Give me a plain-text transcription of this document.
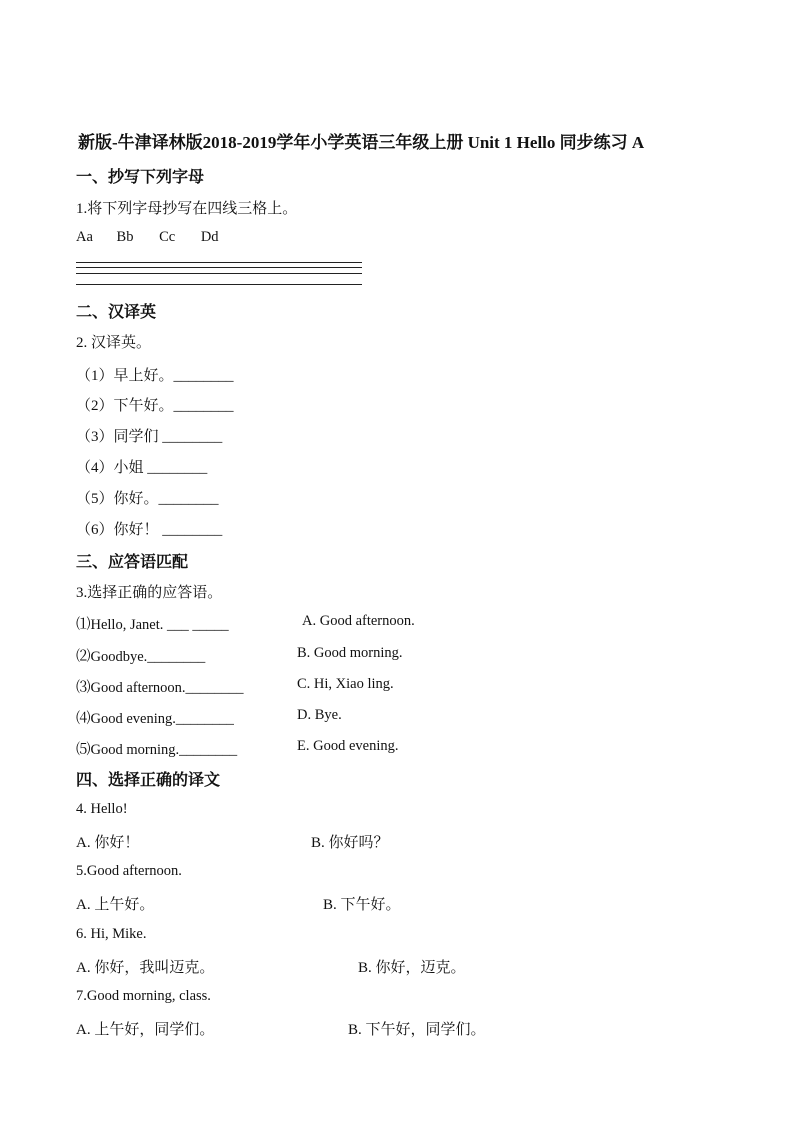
新版-牛津译林版2018-2019学年小学英语三年级上册 Unit 1 Hello 同步练习 A
一、抄写下列字母
1.将下列字母抄写在四线三格上。
Aa Bb Cc Dd
二、汉译英
2. 汉译英。
（1）早上好。________
（2）下午好。________
（3）同学们 ________
（4）小姐 ________
（5）你好。________
（6）你好！ ________
三、应答语匹配
3.选择正确的应答语。
⑴Hello, Janet. ___ _____	A. Good afternoon.
⑵Goodbye.________	B. Good morning.
⑶Good afternoon.________	C. Hi, Xiao ling.
⑷Good evening.________	D. Bye.
⑸Good morning.________	E. Good evening.
四、选择正确的译文
4. Hello!
A. 你好！	B. 你好吗？
5.Good afternoon.
A. 上午好。	B. 下午好。
6. Hi, Mike.
A. 你好，我叫迈克。	B. 你好，迈克。
7.Good morning, class.
A. 上午好，同学们。	B. 下午好，同学们。
